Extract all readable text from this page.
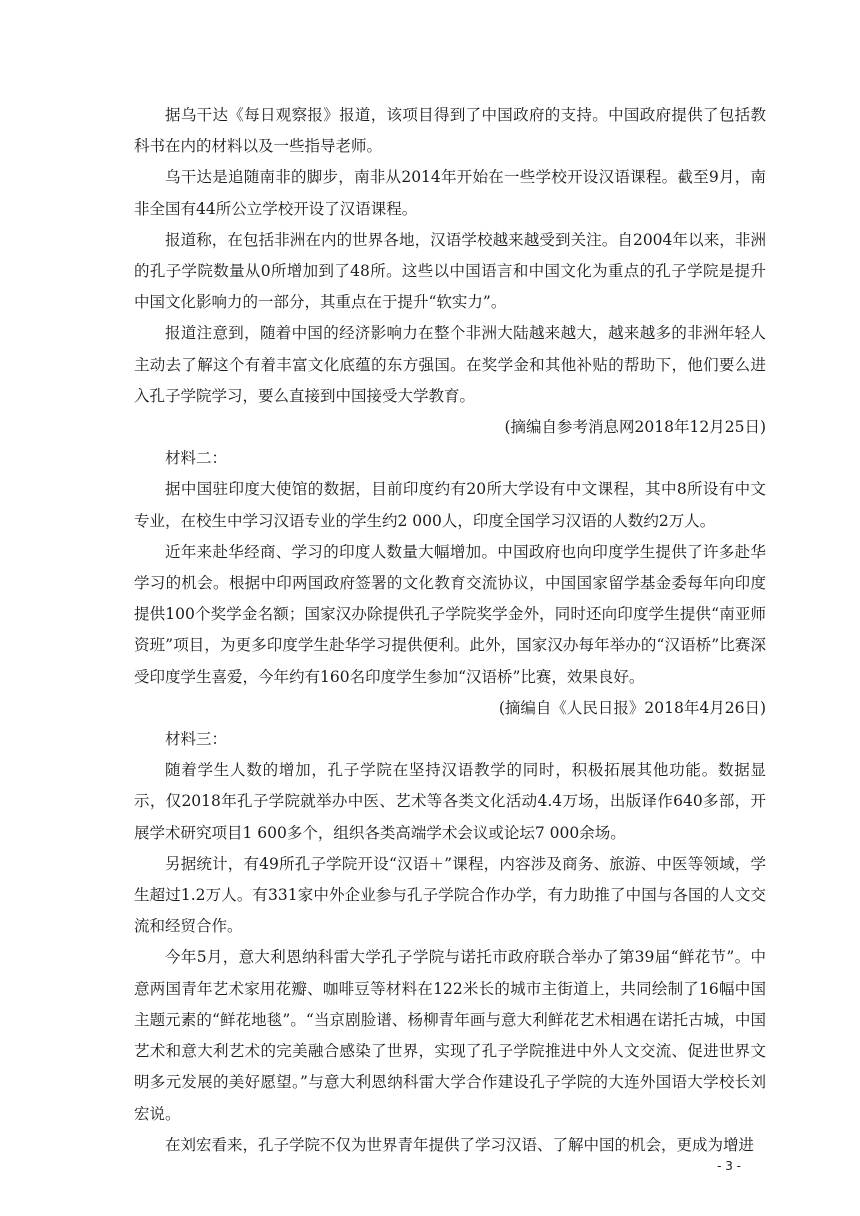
据乌干达《每日观察报》报道，该项目得到了中国政府的支持。中国政府提供了包括教科书在内的材料以及一些指导老师。

乌干达是追随南非的脚步，南非从2014年开始在一些学校开设汉语课程。截至9月，南非全国有44所公立学校开设了汉语课程。

报道称，在包括非洲在内的世界各地，汉语学校越来越受到关注。自2004年以来，非洲的孔子学院数量从0所增加到了48所。这些以中国语言和中国文化为重点的孔子学院是提升中国文化影响力的一部分，其重点在于提升“软实力”。

报道注意到，随着中国的经济影响力在整个非洲大陆越来越大，越来越多的非洲年轻人主动去了解这个有着丰富文化底蕴的东方强国。在奖学金和其他补贴的帮助下，他们要么进入孔子学院学习，要么直接到中国接受大学教育。

(摘编自参考消息网2018年12月25日)

材料二：

据中国驻印度大使馆的数据，目前印度约有20所大学设有中文课程，其中8所设有中文专业，在校生中学习汉语专业的学生约2 000人，印度全国学习汉语的人数约2万人。

近年来赴华经商、学习的印度人数量大幅增加。中国政府也向印度学生提供了许多赴华学习的机会。根据中印两国政府签署的文化教育交流协议，中国国家留学基金委每年向印度提供100个奖学金名额；国家汉办除提供孔子学院奖学金外，同时还向印度学生提供“南亚师资班”项目，为更多印度学生赴华学习提供便利。此外，国家汉办每年举办的“汉语桥”比赛深受印度学生喜爱，今年约有160名印度学生参加“汉语桥”比赛，效果良好。

(摘编自《人民日报》2018年4月26日)

材料三：

随着学生人数的增加，孔子学院在坚持汉语教学的同时，积极拓展其他功能。数据显示，仅2018年孔子学院就举办中医、艺术等各类文化活动4.4万场，出版译作640多部，开展学术研究项目1 600多个，组织各类高端学术会议或论坛7 000余场。

另据统计，有49所孔子学院开设“汉语＋”课程，内容涉及商务、旅游、中医等领域，学生超过1.2万人。有331家中外企业参与孔子学院合作办学，有力助推了中国与各国的人文交流和经贸合作。

今年5月，意大利恩纳科雷大学孔子学院与诺托市政府联合举办了第39届“鲜花节”。中意两国青年艺术家用花瓣、咖啡豆等材料在122米长的城市主街道上，共同绘制了16幅中国主题元素的“鲜花地毯”。“当京剧脸谱、杨柳青年画与意大利鲜花艺术相遇在诺托古城，中国艺术和意大利艺术的完美融合感染了世界，实现了孔子学院推进中外人文交流、促进世界文明多元发展的美好愿望。”与意大利恩纳科雷大学合作建设孔子学院的大连外国语大学校长刘宏说。

在刘宏看来，孔子学院不仅为世界青年提供了学习汉语、了解中国的机会，更成为增进

- 3 -
